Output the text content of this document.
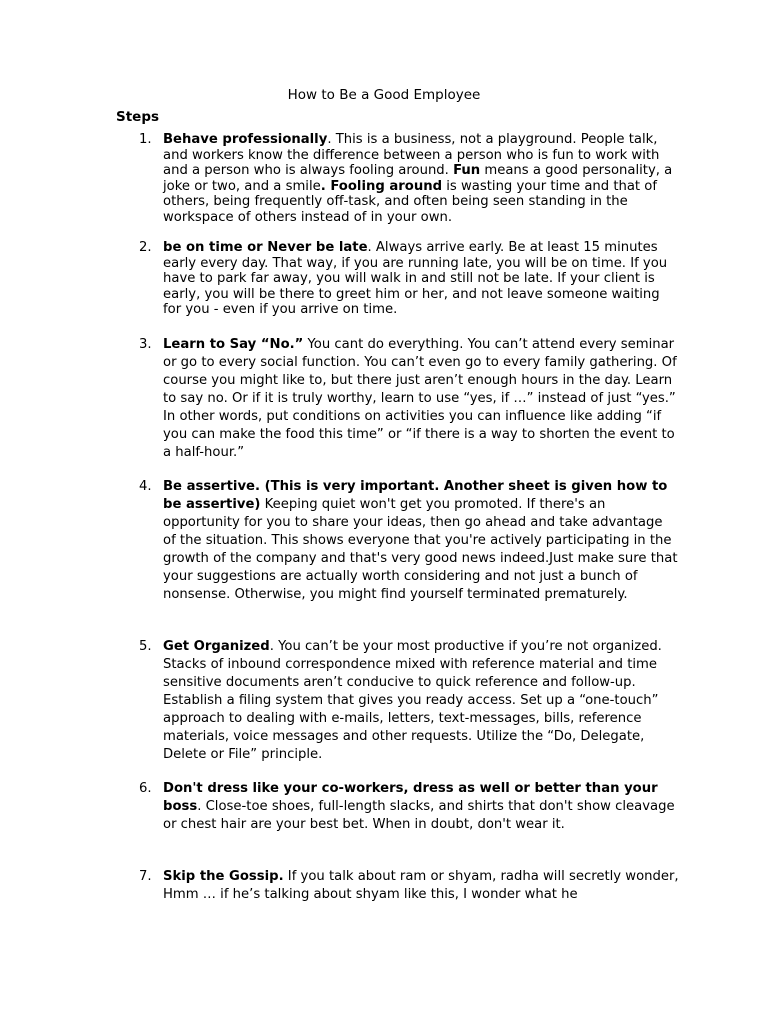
How to Be a Good Employee
Steps
1. Behave professionally. This is a business, not a playground. People talk, and workers know the difference between a person who is fun to work with and a person who is always fooling around. Fun means a good personality, a joke or two, and a smile. Fooling around is wasting your time and that of others, being frequently off-task, and often being seen standing in the workspace of others instead of in your own.
2. be on time or Never be late. Always arrive early. Be at least 15 minutes early every day. That way, if you are running late, you will be on time. If you have to park far away, you will walk in and still not be late. If your client is early, you will be there to greet him or her, and not leave someone waiting for you - even if you arrive on time.
3. Learn to Say “No.” You cant do everything. You can’t attend every seminar or go to every social function. You can’t even go to every family gathering. Of course you might like to, but there just aren’t enough hours in the day. Learn to say no. Or if it is truly worthy, learn to use “yes, if …” instead of just “yes.” In other words, put conditions on activities you can influence like adding “if you can make the food this time” or “if there is a way to shorten the event to a half-hour.”
4. Be assertive. (This is very important. Another sheet is given how to be assertive) Keeping quiet won't get you promoted. If there's an opportunity for you to share your ideas, then go ahead and take advantage of the situation. This shows everyone that you're actively participating in the growth of the company and that's very good news indeed.Just make sure that your suggestions are actually worth considering and not just a bunch of nonsense. Otherwise, you might find yourself terminated prematurely.
5. Get Organized. You can’t be your most productive if you’re not organized. Stacks of inbound correspondence mixed with reference material and time sensitive documents aren’t conducive to quick reference and follow-up. Establish a filing system that gives you ready access. Set up a “one-touch” approach to dealing with e-mails, letters, text-messages, bills, reference materials, voice messages and other requests. Utilize the “Do, Delegate, Delete or File” principle.
6. Don't dress like your co-workers, dress as well or better than your boss. Close-toe shoes, full-length slacks, and shirts that don't show cleavage or chest hair are your best bet. When in doubt, don't wear it.
7. Skip the Gossip. If you talk about ram or shyam, radha will secretly wonder, Hmm … if he’s talking about shyam like this, I wonder what he
